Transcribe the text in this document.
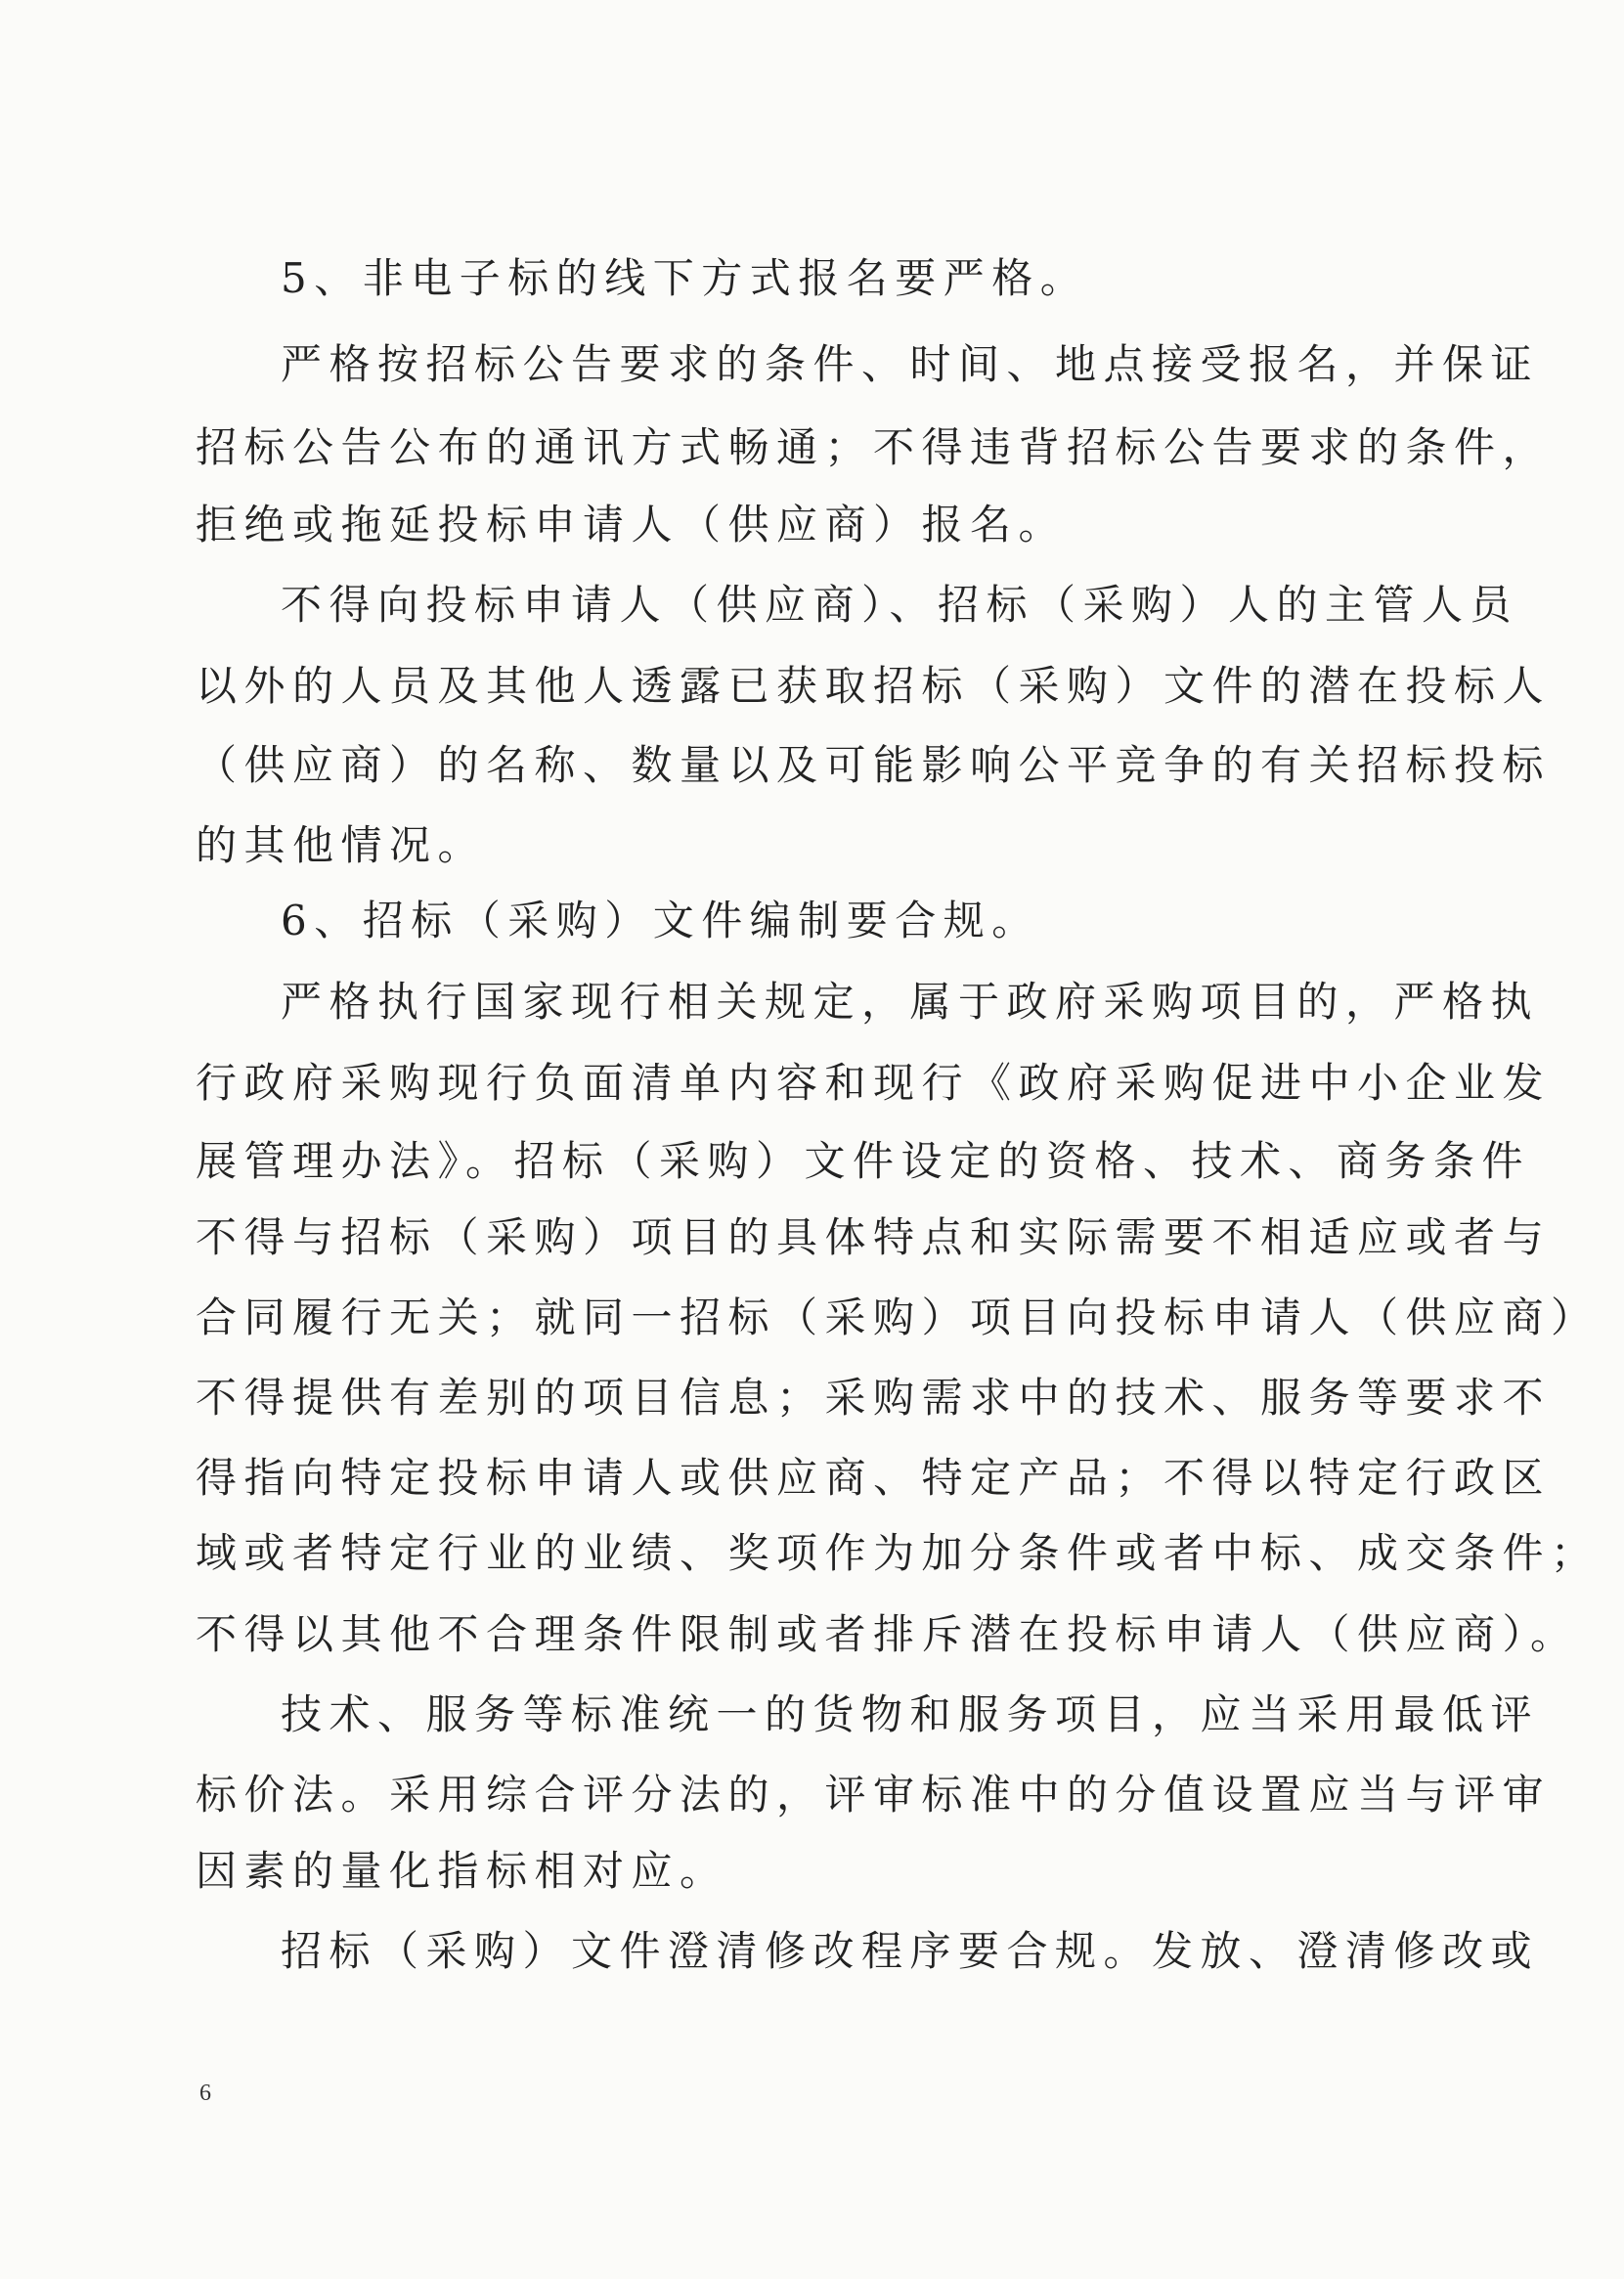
5、非电子标的线下方式报名要严格。
严格按招标公告要求的条件、时间、地点接受报名，并保证
招标公告公布的通讯方式畅通；不得违背招标公告要求的条件，
拒绝或拖延投标申请人（供应商）报名。
不得向投标申请人（供应商）、招标（采购）人的主管人员
以外的人员及其他人透露已获取招标（采购）文件的潜在投标人
（供应商）的名称、数量以及可能影响公平竞争的有关招标投标
的其他情况。
6、招标（采购）文件编制要合规。
严格执行国家现行相关规定，属于政府采购项目的，严格执
行政府采购现行负面清单内容和现行《政府采购促进中小企业发
展管理办法》。招标（采购）文件设定的资格、技术、商务条件
不得与招标（采购）项目的具体特点和实际需要不相适应或者与
合同履行无关；就同一招标（采购）项目向投标申请人（供应商）
不得提供有差别的项目信息；采购需求中的技术、服务等要求不
得指向特定投标申请人或供应商、特定产品；不得以特定行政区
域或者特定行业的业绩、奖项作为加分条件或者中标、成交条件；
不得以其他不合理条件限制或者排斥潜在投标申请人（供应商）。
技术、服务等标准统一的货物和服务项目，应当采用最低评
标价法。采用综合评分法的，评审标准中的分值设置应当与评审
因素的量化指标相对应。
招标（采购）文件澄清修改程序要合规。发放、澄清修改或
6
